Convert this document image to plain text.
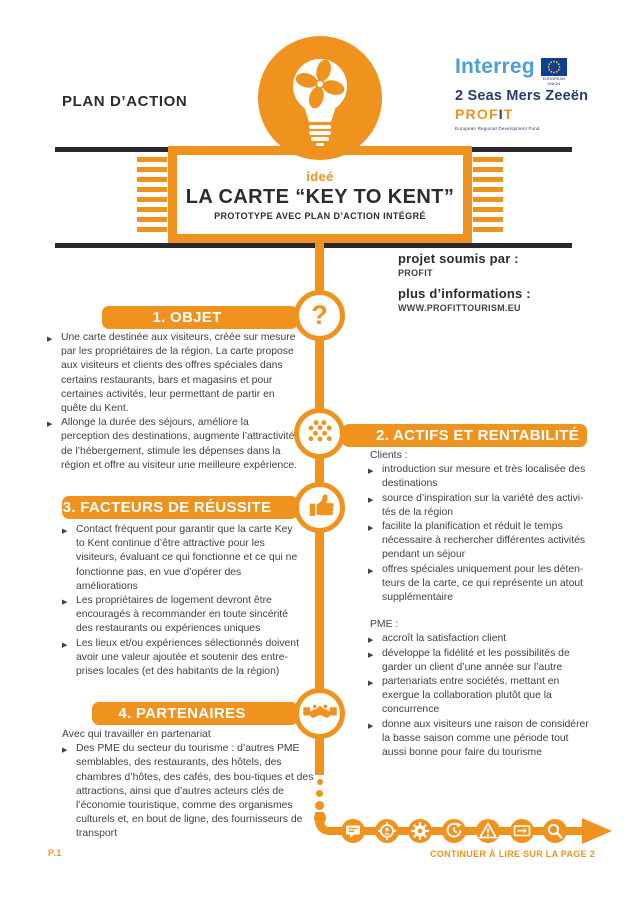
PLAN D’ACTION
Interreg
EUROPEAN UNION
2 Seas Mers Zeeën
PROFIT
European Regional Development Fund
ideé
LA CARTE “KEY TO KENT”
PROTOTYPE AVEC PLAN D’ACTION INTÉGRÉ
projet soumis par :
PROFIT
plus d’informations :
WWW.PROFITTOURISM.EU
1. OBJET
2. ACTIFS ET RENTABILITÉ
3. FACTEURS DE RÉUSSITE
4. PARTENAIRES
?
▶ Une carte destinée aux visiteurs, créée sur mesure par les propriétaires de la région. La carte propose aux visiteurs et clients des offres spéciales dans certains restaurants, bars et magasins et pour certaines activités, leur permettant de partir en quête du Kent.
▶ Allonge la durée des séjours, améliore la perception des destinations, augmente l’attractivité de l’hébergement, stimule les dépenses dans la région et offre au visiteur une meilleure expérience.
Clients :
▶ introduction sur mesure et très localisée des destinations
▶ source d’inspiration sur la variété des activi-tés de la région
▶ facilite la planification et réduit le temps nécessaire à rechercher différentes activités pendant un séjour
▶ offres spéciales uniquement pour les déten-teurs de la carte, ce qui représente un atout supplémentaire
PME :
▶ accroît la satisfaction client
▶ développe la fidélité et les possibilités de garder un client d’une année sur l’autre
▶ partenariats entre sociétés, mettant en exergue la collaboration plutôt que la concurrence
▶ donne aux visiteurs une raison de considérer la basse saison comme une période tout aussi bonne pour faire du tourisme
▶ Contact fréquent pour garantir que la carte Key to Kent continue d’être attractive pour les visiteurs, évaluant ce qui fonctionne et ce qui ne fonctionne pas, en vue d’opérer des améliorations
▶ Les propriétaires de logement devront être encouragés à recommander en toute sincérité des restaurants ou expériences uniques
▶ Les lieux et/ou expériences sélectionnés doivent avoir une valeur ajoutée et soutenir des entre-prises locales (et des habitants de la région)
Avec qui travailler en partenariat
▶ Des PME du secteur du tourisme : d’autres PME semblables, des restaurants, des hôtels, des chambres d’hôtes, des cafés, des bou-tiques et des attractions, ainsi que d’autres acteurs clés de l’économie touristique, comme des organismes culturels et, en bout de ligne, des fournisseurs de transport
P.1	CONTINUER À LIRE SUR LA PAGE 2
